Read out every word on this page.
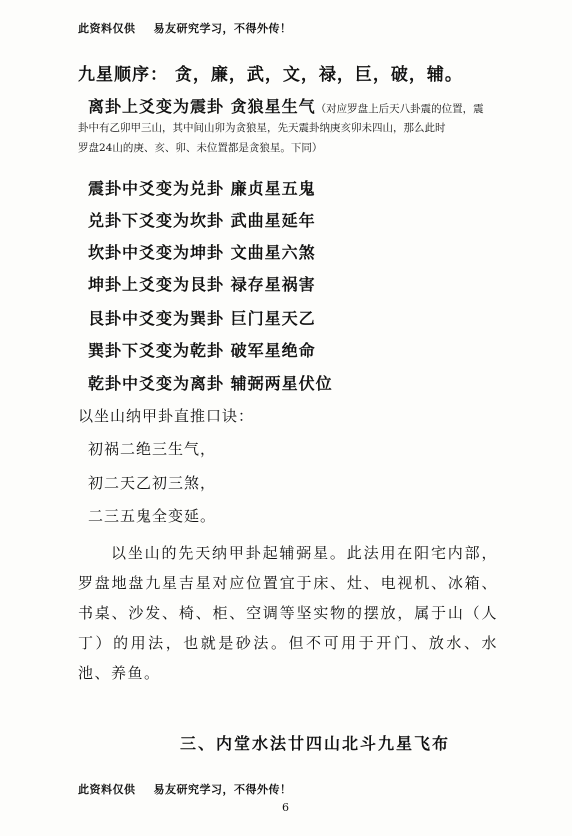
此资料仅供 易友研究学习，不得外传！
九星顺序： 贪，廉，武，文，禄，巨，破，辅。
离卦上爻变为震卦 贪狼星生气（对应罗盘上后天八卦震的位置，震
卦中有乙卯甲三山，其中间山卯为贪狼星，先天震卦纳庚亥卯未四山，那么此时
罗盘24山的庚、亥、卯、未位置都是贪狼星。下同）
震卦中爻变为兑卦 廉贞星五鬼
兑卦下爻变为坎卦 武曲星延年
坎卦中爻变为坤卦 文曲星六煞
坤卦上爻变为艮卦 禄存星祸害
艮卦中爻变为巽卦 巨门星天乙
巽卦下爻变为乾卦 破军星绝命
乾卦中爻变为离卦 辅弼两星伏位
以坐山纳甲卦直推口诀：
初祸二绝三生气，
初二天乙初三煞，
二三五鬼全变延。
以坐山的先天纳甲卦起辅弼星。此法用在阳宅内部，罗盘地盘九星吉星对应位置宜于床、灶、电视机、冰箱、书桌、沙发、椅、柜、空调等坚实物的摆放，属于山（人丁）的用法，也就是砂法。但不可用于开门、放水、水池、养鱼。
三、内堂水法廿四山北斗九星飞布
此资料仅供 易友研究学习，不得外传！
6
